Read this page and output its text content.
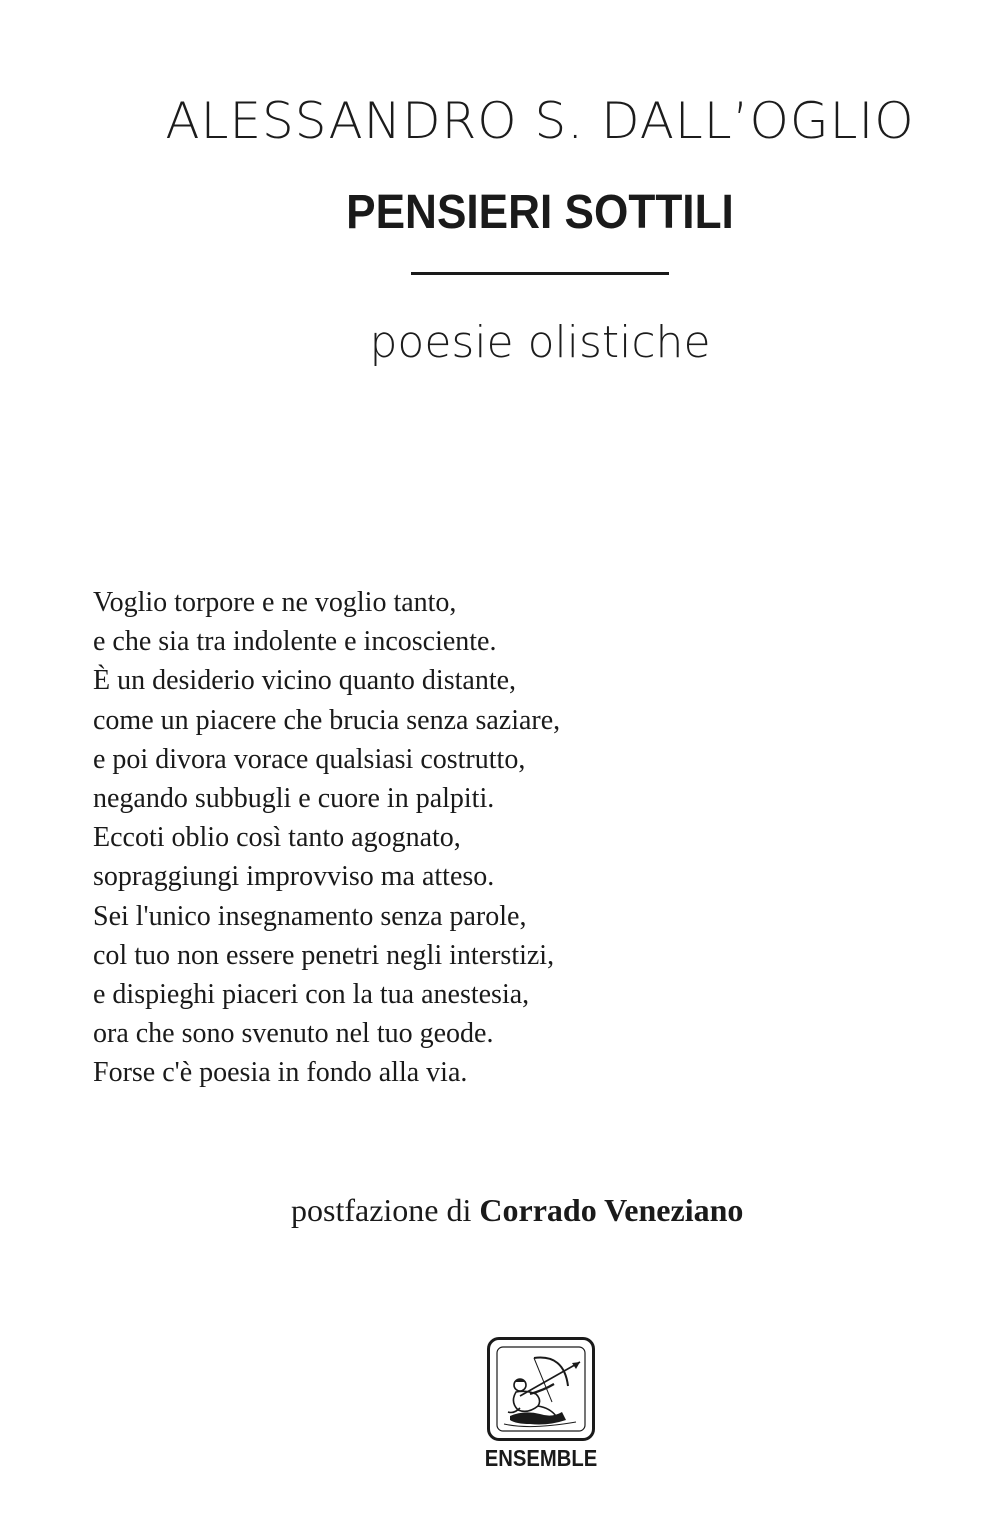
ALESSANDRO S. DALL’OGLIO
PENSIERI SOTTILI
poesie olistiche
Voglio torpore e ne voglio tanto,
e che sia tra indolente e incosciente.
È un desiderio vicino quanto distante,
come un piacere che brucia senza saziare,
e poi divora vorace qualsiasi costrutto,
negando subbugli e cuore in palpiti.
Eccoti oblio così tanto agognato,
sopraggiungi improvviso ma atteso.
Sei l'unico insegnamento senza parole,
col tuo non essere penetri negli interstizi,
e dispieghi piaceri con la tua anestesia,
ora che sono svenuto nel tuo geode.
Forse c'è poesia in fondo alla via.
postfazione di Corrado Veneziano
ENSEMBLE
